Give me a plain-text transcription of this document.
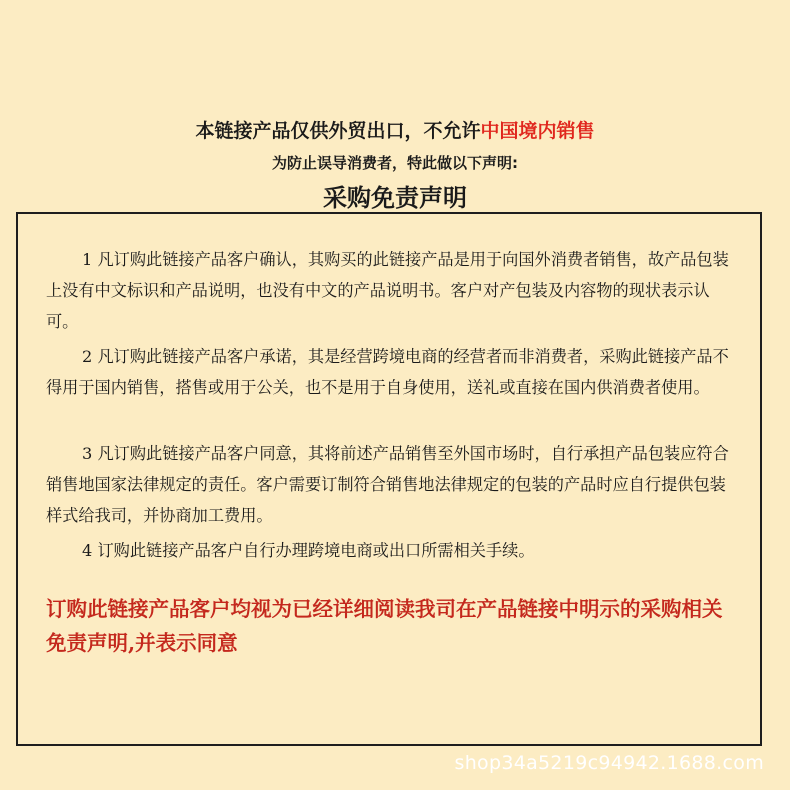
本链接产品仅供外贸出口，不允许中国境内销售
为防止误导消费者，特此做以下声明:
采购免责声明

1 凡订购此链接产品客户确认，其购买的此链接产品是用于向国外消费者销售，故产品包装上没有中文标识和产品说明，也没有中文的产品说明书。客户对产包装及内容物的现状表示认可。

2 凡订购此链接产品客户承诺，其是经营跨境电商的经营者而非消费者，采购此链接产品不得用于国内销售，搭售或用于公关，也不是用于自身使用，送礼或直接在国内供消费者使用。

3 凡订购此链接产品客户同意，其将前述产品销售至外国市场时，自行承担产品包装应符合销售地国家法律规定的责任。客户需要订制符合销售地法律规定的包装的产品时应自行提供包装样式给我司，并协商加工费用。

4 订购此链接产品客户自行办理跨境电商或出口所需相关手续。

订购此链接产品客户均视为已经详细阅读我司在产品链接中明示的采购相关免责声明,并表示同意

shop34a5219c94942.1688.com
